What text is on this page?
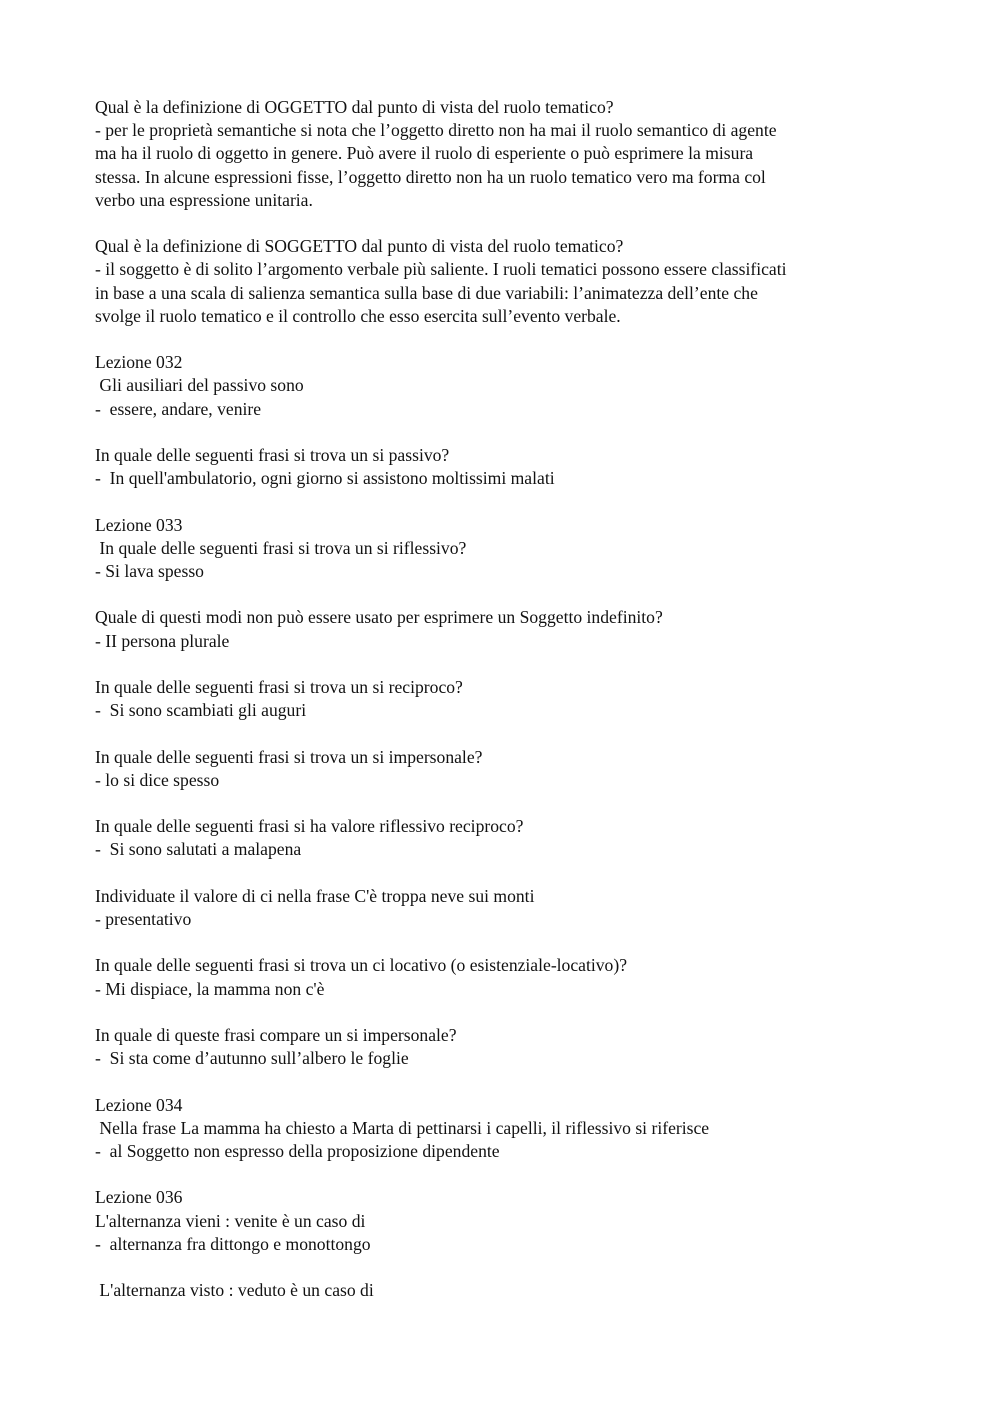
Qual è la definizione di OGGETTO dal punto di vista del ruolo tematico?
- per le proprietà semantiche si nota che l’oggetto diretto non ha mai il ruolo semantico di agente
ma ha il ruolo di oggetto in genere. Può avere il ruolo di esperiente o può esprimere la misura
stessa. In alcune espressioni fisse, l’oggetto diretto non ha un ruolo tematico vero ma forma col
verbo una espressione unitaria.
Qual è la definizione di SOGGETTO dal punto di vista del ruolo tematico?
- il soggetto è di solito l’argomento verbale più saliente. I ruoli tematici possono essere classificati
in base a una scala di salienza semantica sulla base di due variabili: l’animatezza dell’ente che
svolge il ruolo tematico e il controllo che esso esercita sull’evento verbale.
Lezione 032
Gli ausiliari del passivo sono
-  essere, andare, venire
In quale delle seguenti frasi si trova un si passivo?
-  In quell'ambulatorio, ogni giorno si assistono moltissimi malati
Lezione 033
In quale delle seguenti frasi si trova un si riflessivo?
- Si lava spesso
Quale di questi modi non può essere usato per esprimere un Soggetto indefinito?
- II persona plurale
In quale delle seguenti frasi si trova un si reciproco?
-  Si sono scambiati gli auguri
In quale delle seguenti frasi si trova un si impersonale?
- lo si dice spesso
In quale delle seguenti frasi si ha valore riflessivo reciproco?
-  Si sono salutati a malapena
Individuate il valore di ci nella frase C'è troppa neve sui monti
- presentativo
In quale delle seguenti frasi si trova un ci locativo (o esistenziale-locativo)?
- Mi dispiace, la mamma non c'è
In quale di queste frasi compare un si impersonale?
-  Si sta come d’autunno sull’albero le foglie
Lezione 034
Nella frase La mamma ha chiesto a Marta di pettinarsi i capelli, il riflessivo si riferisce
-  al Soggetto non espresso della proposizione dipendente
Lezione 036
L'alternanza vieni : venite è un caso di
-  alternanza fra dittongo e monottongo
L'alternanza visto : veduto è un caso di
